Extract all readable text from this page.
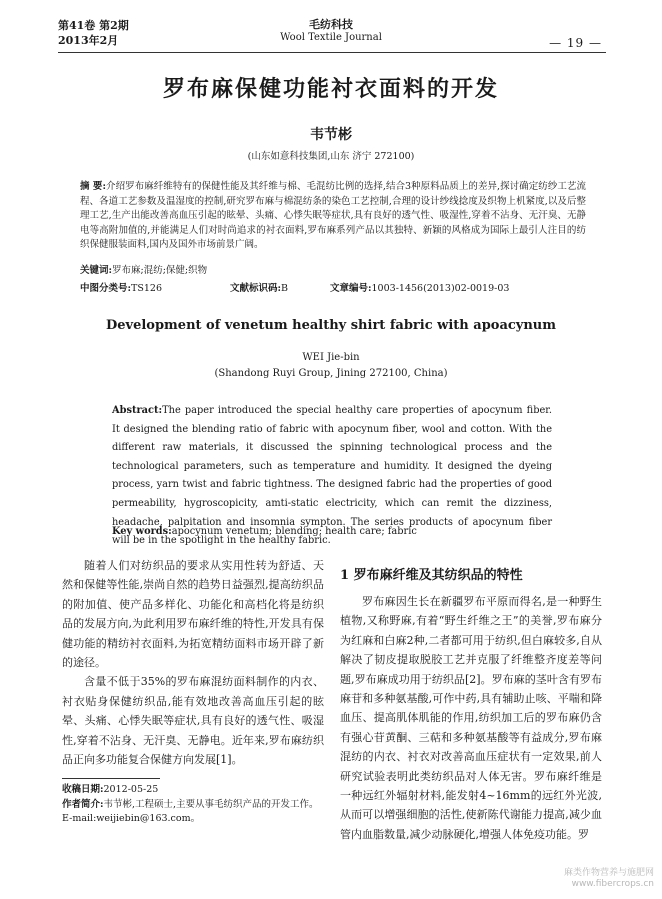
第41卷 第2期
2013年2月
毛纺科技
Wool Textile Journal	— 19 —
罗布麻保健功能衬衣面料的开发
韦节彬
(山东如意科技集团,山东 济宁 272100)
摘 要:介绍罗布麻纤维特有的保健性能及其纤维与棉、毛混纺比例的选择,结合3种原料品质上的差异,探讨确定纺纱工艺流程、各道工艺参数及温湿度的控制,研究罗布麻与棉混纺条的染色工艺控制,合理的设计纱线捻度及织物上机紧度,以及后整理工艺,生产出能改善高血压引起的眩晕、头痛、心悸失眠等症状,具有良好的透气性、吸湿性,穿着不沾身、无汗臭、无静电等高附加值的,并能满足人们对时尚追求的衬衣面料,罗布麻系列产品以其独特、新颖的风格成为国际上最引人注目的纺织保健服装面料,国内及国外市场前景广阔。
关键词:罗布麻;混纺;保健;织物
中图分类号:TS126	文献标识码:B	文章编号:1003-1456(2013)02-0019-03
Development of venetum healthy shirt fabric with apoacynum
WEI Jie-bin
(Shandong Ruyi Group, Jining 272100, China)
Abstract:The paper introduced the special healthy care properties of apocynum fiber. It designed the blending ratio of fabric with apocynum fiber, wool and cotton. With the different raw materials, it discussed the spinning technological process and the technological parameters, such as temperature and humidity. It designed the dyeing process, yarn twist and fabric tightness. The designed fabric had the properties of good permeability, hygroscopicity, amti-static electricity, which can remit the dizziness, headache, palpitation and insomnia sympton. The series products of apocynum fiber will be in the spotlight in the healthy fabric.
Key words:apocynum venetum; blending; health care; fabric

随着人们对纺织品的要求从实用性转为舒适、天然和保健等性能,崇尚自然的趋势日益强烈,提高纺织品的附加值、使产品多样化、功能化和高档化将是纺织品的发展方向,为此利用罗布麻纤维的特性,开发具有保健功能的精纺衬衣面料,为拓宽精纺面料市场开辟了新的途径。

含量不低于35%的罗布麻混纺面料制作的内衣、衬衣贴身保健纺织品,能有效地改善高血压引起的眩晕、头痛、心悸失眠等症状,具有良好的透气性、吸湿性,穿着不沾身、无汗臭、无静电。近年来,罗布麻纺织品正向多功能复合保健方向发展[1]。

收稿日期:2012-05-25
作者简介:韦节彬,工程硕士,主要从事毛纺织产品的开发工作。E-mail:weijiebin@163.com。
1 罗布麻纤维及其纺织品的特性

罗布麻因生长在新疆罗布平原而得名,是一种野生植物,又称野麻,有着“野生纤维之王”的美誉,罗布麻分为红麻和白麻2种,二者都可用于纺织,但白麻较多,自从解决了韧皮提取脱胶工艺并克服了纤维整齐度差等问题,罗布麻成功用于纺织品[2]。罗布麻的茎叶含有罗布麻苷和多种氨基酸,可作中药,具有辅助止咳、平喘和降血压、提高肌体肌能的作用,纺织加工后的罗布麻仍含有强心苷黄酮、三萜和多种氨基酸等有益成分,罗布麻混纺的内衣、衬衣对改善高血压症状有一定效果,前人研究试验表明此类纺织品对人体无害。罗布麻纤维是一种远红外辐射材料,能发射4~16mm的远红外光波,从而可以增强细胞的活性,使新陈代谢能力提高,减少血管内血脂数量,减少动脉硬化,增强人体免疫功能。罗

麻类作物营养与施肥网
www.fibercrops.cn
